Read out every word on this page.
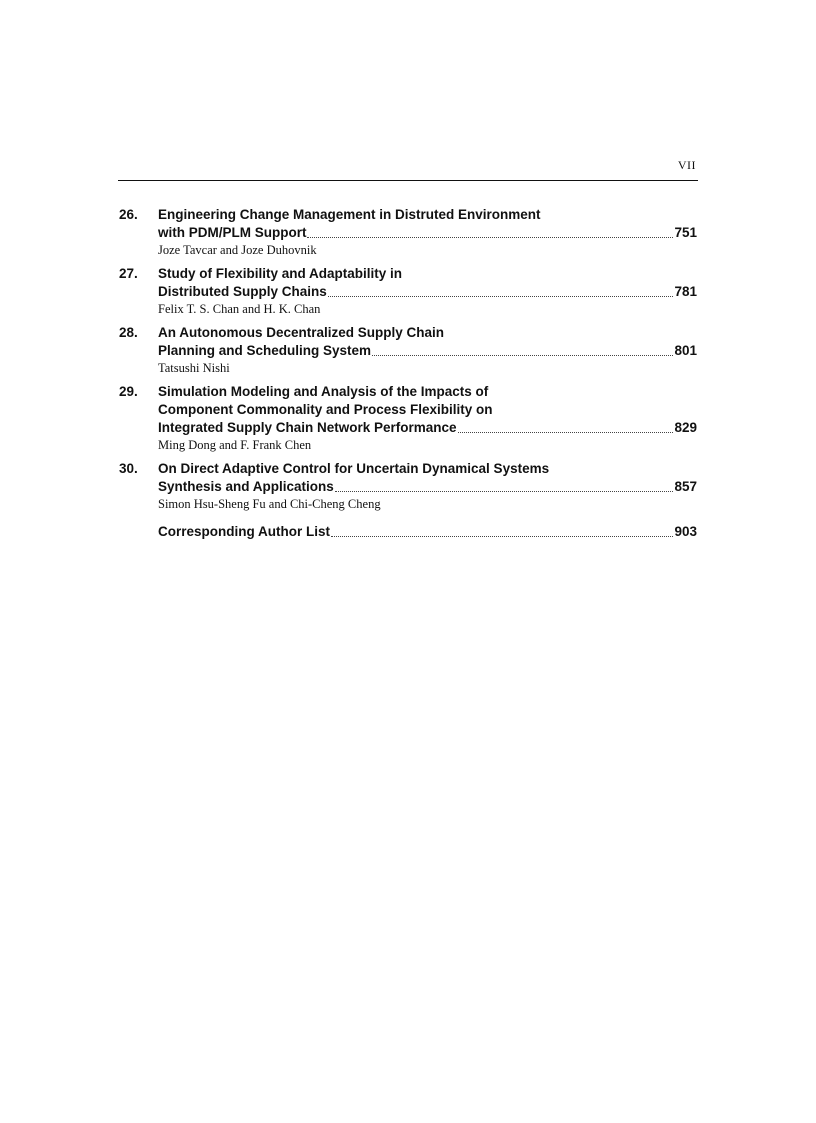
VII
26.	Engineering Change Management in Distruted Environment
with PDM/PLM Support	751
Joze Tavcar and Joze Duhovnik
27.	Study of Flexibility and Adaptability in
Distributed Supply Chains	781
Felix T. S. Chan and H. K. Chan
28.	An Autonomous Decentralized Supply Chain
Planning and Scheduling System	801
Tatsushi Nishi
29.	Simulation Modeling and Analysis of the Impacts of
Component Commonality and Process Flexibility on
Integrated Supply Chain Network Performance	829
Ming Dong and F. Frank Chen
30.	On Direct Adaptive Control for Uncertain Dynamical Systems
Synthesis and Applications	857
Simon Hsu-Sheng Fu and Chi-Cheng Cheng
Corresponding Author List	903
